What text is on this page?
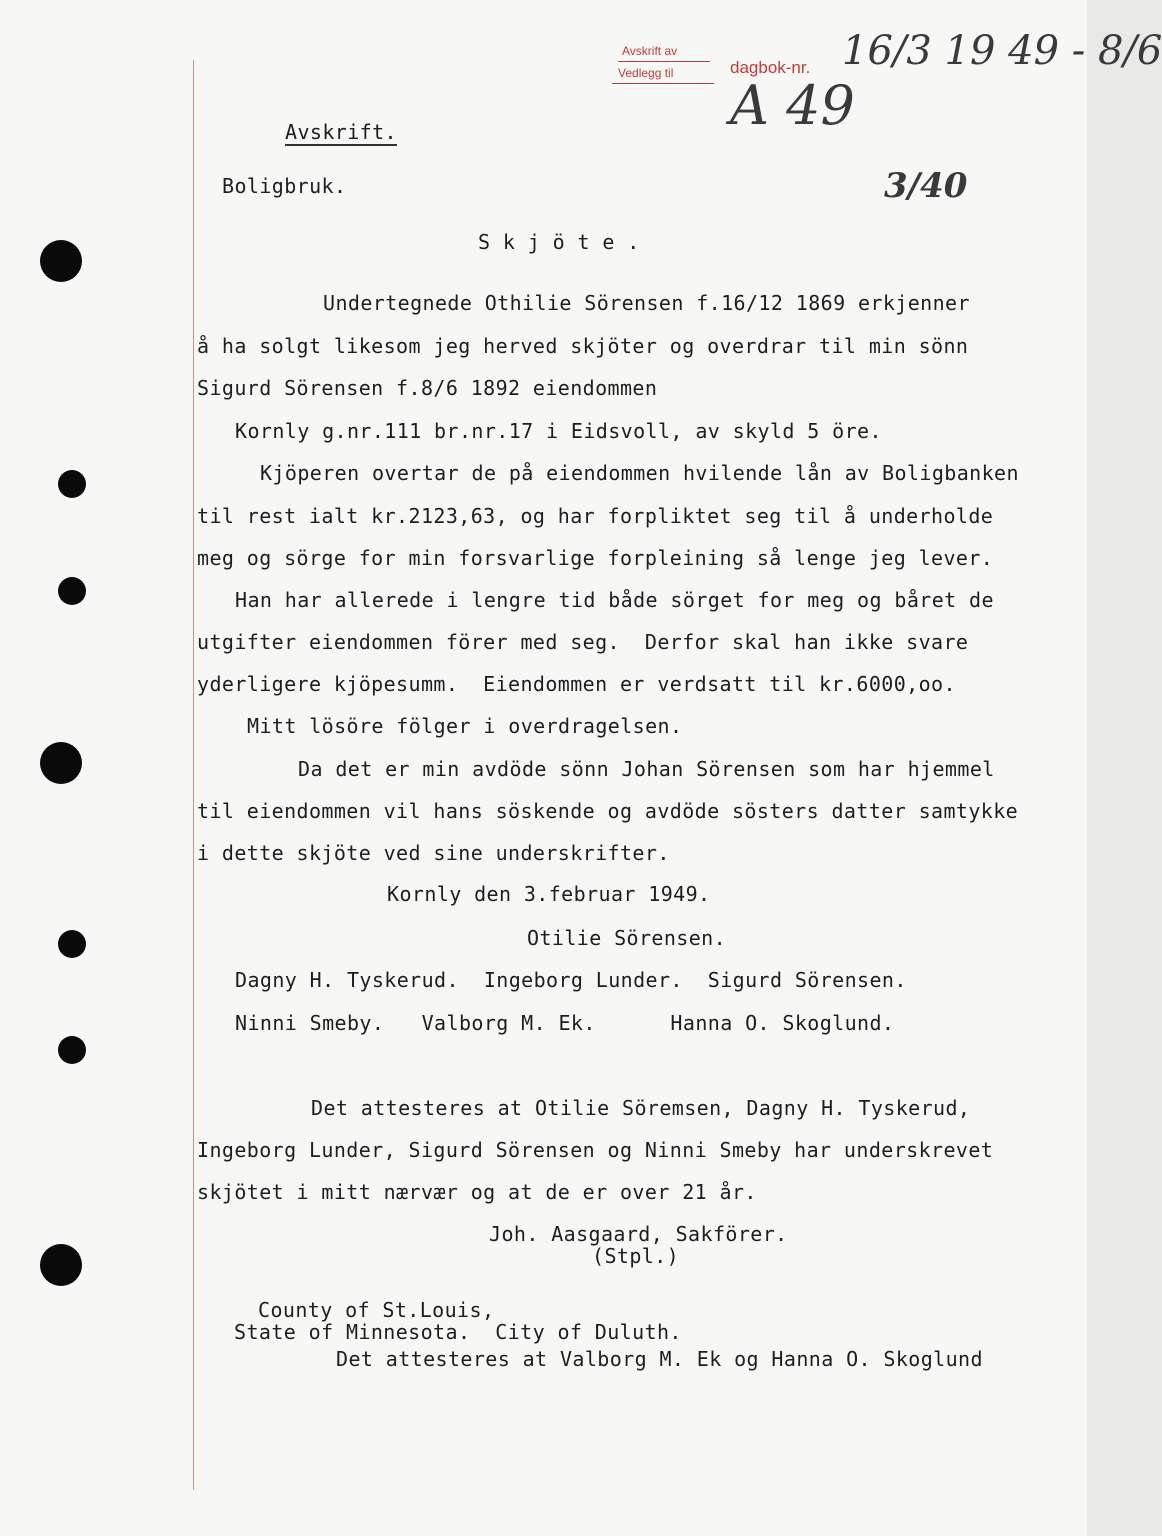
Avskrift av
Vedlegg til	dagbok-nr. 16/3 19 49 - 8/6
A 49
3/40
Avskrift.
Boligbruk.
S k j ö t e .
Undertegnede Othilie Sörensen f.16/12 1869 erkjenner
å ha solgt likesom jeg herved skjöter og overdrar til min sönn
Sigurd Sörensen f.8/6 1892 eiendommen
Kornly g.nr.111 br.nr.17 i Eidsvoll, av skyld 5 öre.
Kjöperen overtar de på eiendommen hvilende lån av Boligbanken
til rest ialt kr.2123,63, og har forpliktet seg til å underholde
meg og sörge for min forsvarlige forpleining så lenge jeg lever.
Han har allerede i lengre tid både sörget for meg og båret de
utgifter eiendommen förer med seg.  Derfor skal han ikke svare
yderligere kjöpesumm.  Eiendommen er verdsatt til kr.6000,oo.
Mitt lösöre fölger i overdragelsen.
Da det er min avdöde sönn Johan Sörensen som har hjemmel
til eiendommen vil hans söskende og avdöde sösters datter samtykke
i dette skjöte ved sine underskrifter.
Kornly den 3.februar 1949.
Otilie Sörensen.
Dagny H. Tyskerud.  Ingeborg Lunder.  Sigurd Sörensen.
Ninni Smeby.   Valborg M. Ek.      Hanna O. Skoglund.
Det attesteres at Otilie Söremsen, Dagny H. Tyskerud,
Ingeborg Lunder, Sigurd Sörensen og Ninni Smeby har underskrevet
skjötet i mitt nærvær og at de er over 21 år.
Joh. Aasgaard, Sakförer.
(Stpl.)
County of St.Louis,
State of Minnesota.  City of Duluth.
Det attesteres at Valborg M. Ek og Hanna O. Skoglund
